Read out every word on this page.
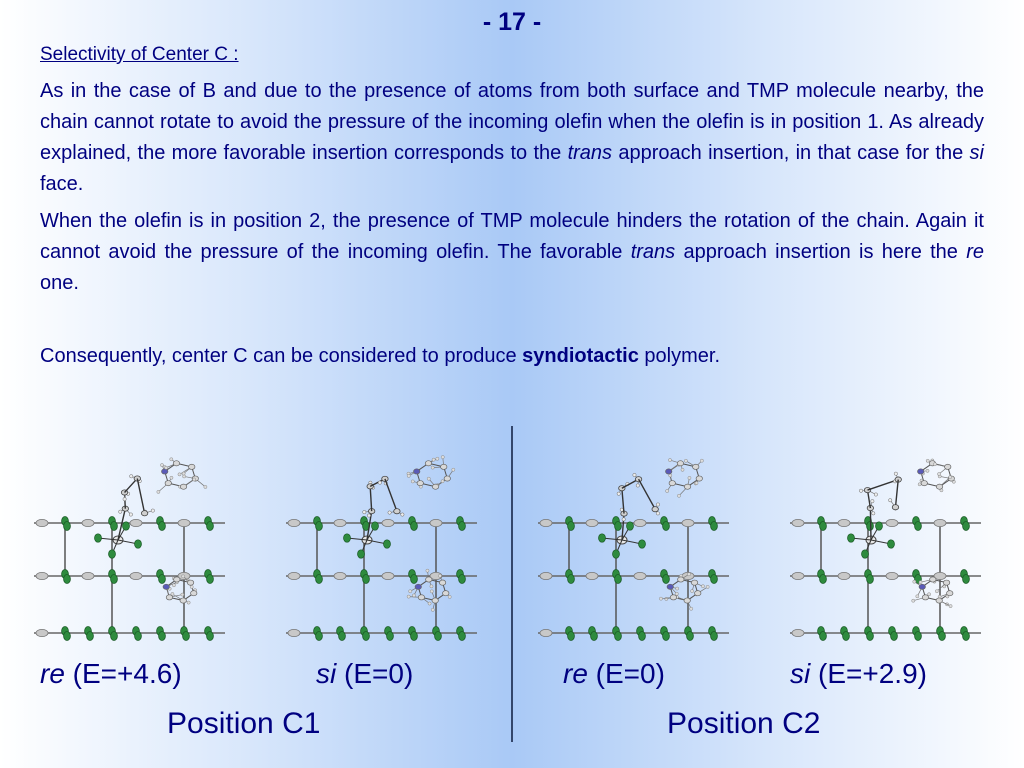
- 17 -
Selectivity of Center C :
As in the case of B and due to the presence of atoms from both surface and TMP molecule nearby, the chain cannot rotate to avoid the pressure of the incoming olefin when the olefin is in position 1. As already explained, the more favorable insertion corresponds to the trans approach insertion, in that case for the si face.
When the olefin is in position 2, the presence of TMP molecule hinders the rotation of the chain. Again it cannot avoid the pressure of the incoming olefin. The favorable trans approach insertion is here the re one.
Consequently, center C can be considered to produce syndiotactic polymer.
re (E=+4.6)	si (E=0)	re (E=0)	si (E=+2.9)
Position C1	Position C2
